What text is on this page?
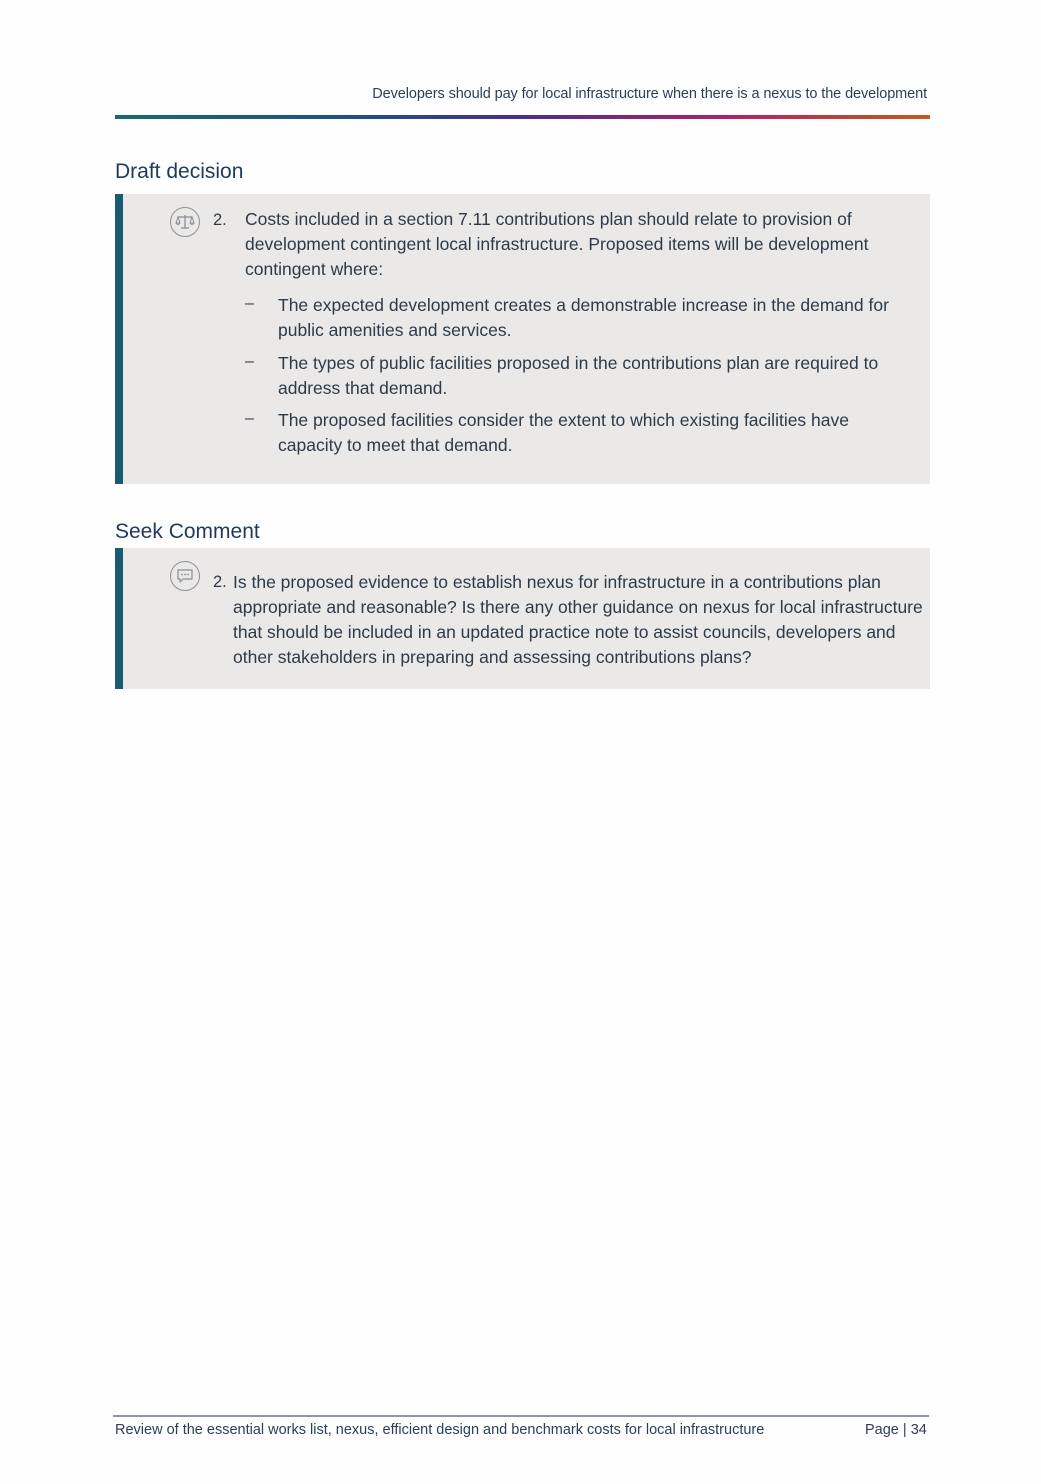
Developers should pay for local infrastructure when there is a nexus to the development
Draft decision
2. Costs included in a section 7.11 contributions plan should relate to provision of development contingent local infrastructure. Proposed items will be development contingent where:

– The expected development creates a demonstrable increase in the demand for public amenities and services.

– The types of public facilities proposed in the contributions plan are required to address that demand.

– The proposed facilities consider the extent to which existing facilities have capacity to meet that demand.

Seek Comment
2. Is the proposed evidence to establish nexus for infrastructure in a contributions plan appropriate and reasonable? Is there any other guidance on nexus for local infrastructure that should be included in an updated practice note to assist councils, developers and other stakeholders in preparing and assessing contributions plans?

Review of the essential works list, nexus, efficient design and benchmark costs for local infrastructure	Page | 34
